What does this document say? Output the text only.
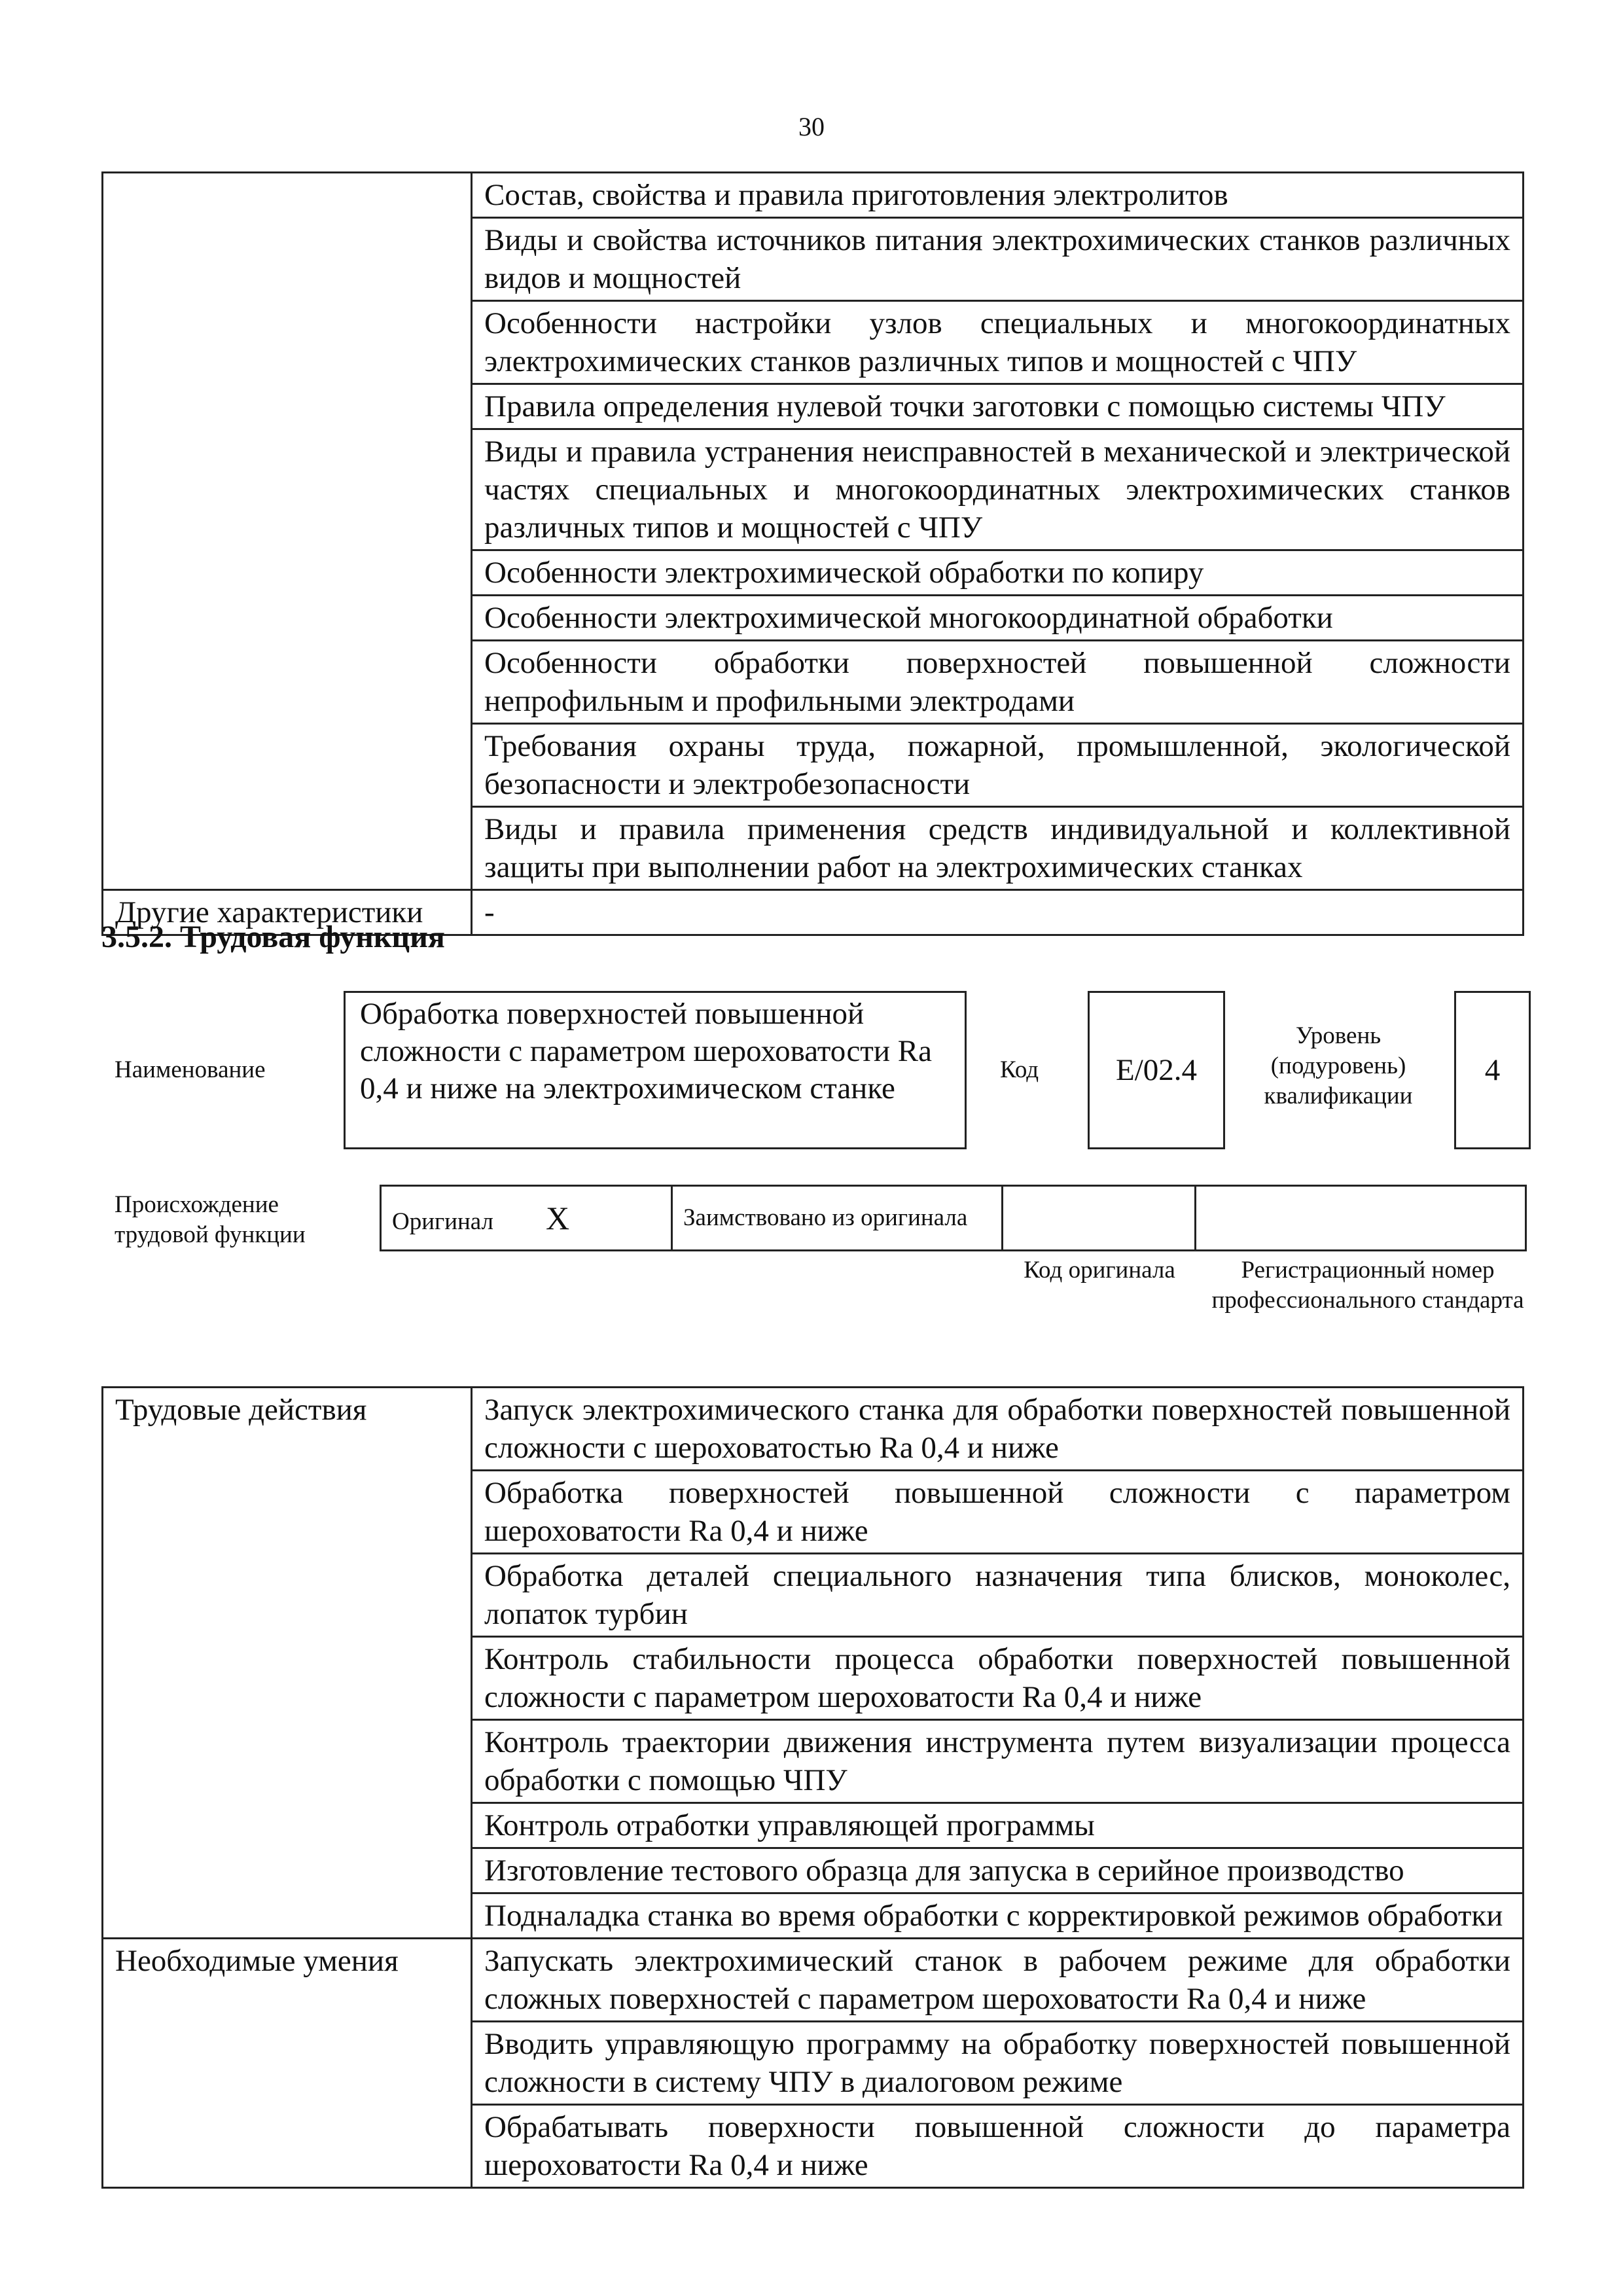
30
	Состав, свойства и правила приготовления электролитов
	Виды и свойства источников питания электрохимических станков различных видов и мощностей
	Особенности настройки узлов специальных и многокоординатных электрохимических станков различных типов и мощностей с ЧПУ
	Правила определения нулевой точки заготовки с помощью системы ЧПУ
	Виды и правила устранения неисправностей в механической и электрической частях специальных и многокоординатных электрохимических станков различных типов и мощностей с ЧПУ
	Особенности электрохимической обработки по копиру
	Особенности электрохимической многокоординатной обработки
	Особенности обработки поверхностей повышенной сложности непрофильным и профильными электродами
	Требования охраны труда, пожарной, промышленной, экологической безопасности и электробезопасности
	Виды и правила применения средств индивидуальной и коллективной защиты при выполнении работ на электрохимических станках
Другие характеристики	-
3.5.2. Трудовая функция
Наименование
Обработка поверхностей повышенной сложности с параметром шероховатости Ra 0,4 и ниже на электрохимическом станке
Код	E/02.4
Уровень (подуровень) квалификации
4
Происхождение трудовой функции	Оригинал X	Заимствовано из оригинала		
Код оригинала	Регистрационный номер профессионального стандарта
Трудовые действия	Запуск электрохимического станка для обработки поверхностей повышенной сложности с шероховатостью Ra 0,4 и ниже
	Обработка поверхностей повышенной сложности с параметром шероховатости Ra 0,4 и ниже
	Обработка деталей специального назначения типа блисков, моноколес, лопаток турбин
	Контроль стабильности процесса обработки поверхностей повышенной сложности с параметром шероховатости Ra 0,4 и ниже
	Контроль траектории движения инструмента путем визуализации процесса обработки с помощью ЧПУ
	Контроль отработки управляющей программы
	Изготовление тестового образца для запуска в серийное производство
	Подналадка станка во время обработки с корректировкой режимов обработки
Необходимые умения	Запускать электрохимический станок в рабочем режиме для обработки сложных поверхностей с параметром шероховатости Ra 0,4 и ниже
	Вводить управляющую программу на обработку поверхностей повышенной сложности в систему ЧПУ в диалоговом режиме
	Обрабатывать поверхности повышенной сложности до параметра шероховатости Ra 0,4 и ниже
